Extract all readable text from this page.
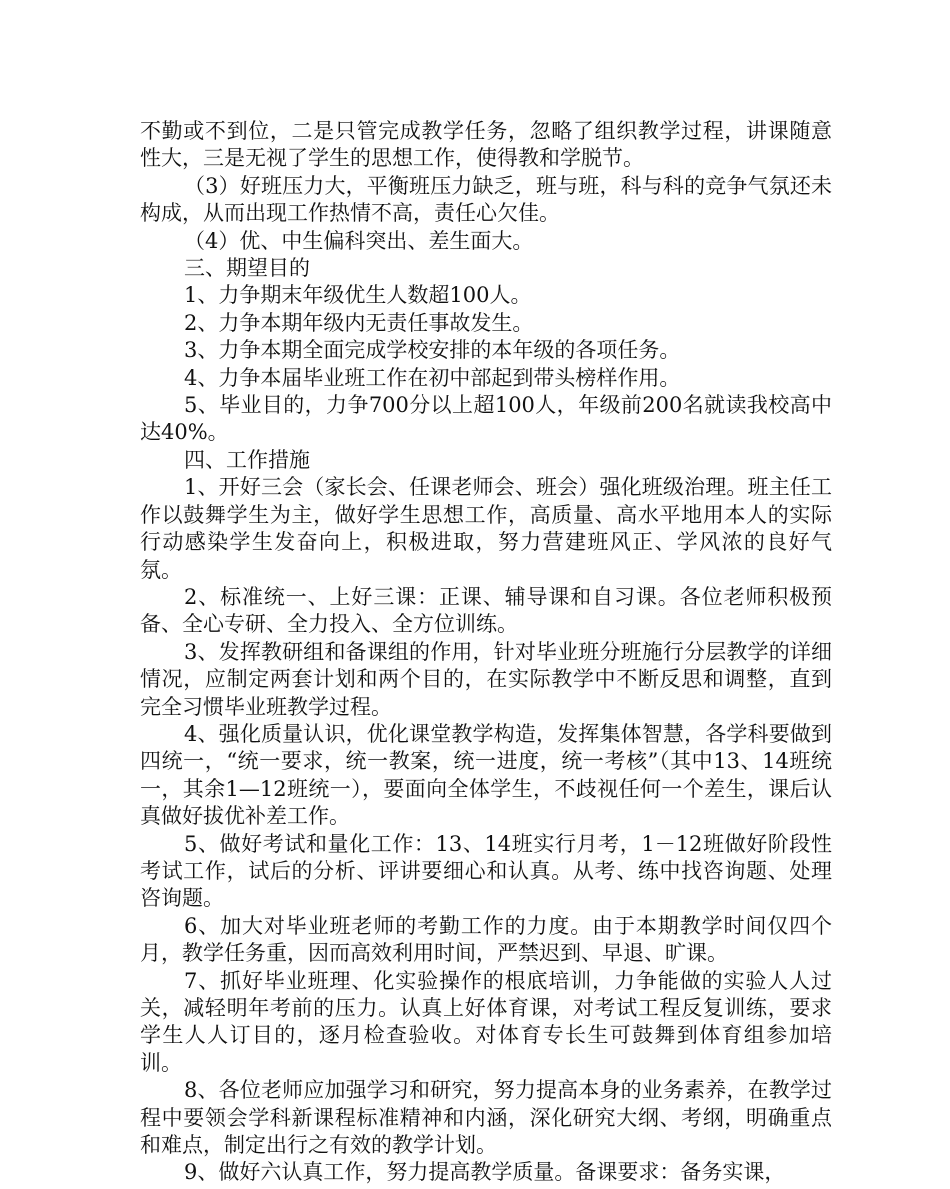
不勤或不到位，二是只管完成教学任务，忽略了组织教学过程，讲课随意性大，三是无视了学生的思想工作，使得教和学脱节。

（3）好班压力大，平衡班压力缺乏，班与班，科与科的竞争气氛还未构成，从而出现工作热情不高，责任心欠佳。

（4）优、中生偏科突出、差生面大。

三、期望目的

1、力争期末年级优生人数超100人。

2、力争本期年级内无责任事故发生。

3、力争本期全面完成学校安排的本年级的各项任务。

4、力争本届毕业班工作在初中部起到带头榜样作用。

5、毕业目的，力争700分以上超100人，年级前200名就读我校高中达40%。

四、工作措施

1、开好三会（家长会、任课老师会、班会）强化班级治理。班主任工作以鼓舞学生为主，做好学生思想工作，高质量、高水平地用本人的实际行动感染学生发奋向上，积极进取，努力营建班风正、学风浓的良好气氛。

2、标准统一、上好三课：正课、辅导课和自习课。各位老师积极预备、全心专研、全力投入、全方位训练。

3、发挥教研组和备课组的作用，针对毕业班分班施行分层教学的详细情况，应制定两套计划和两个目的，在实际教学中不断反思和调整，直到完全习惯毕业班教学过程。

4、强化质量认识，优化课堂教学构造，发挥集体智慧，各学科要做到四统一，“统一要求，统一教案，统一进度，统一考核”（其中13、14班统一，其余1—12班统一），要面向全体学生，不歧视任何一个差生，课后认真做好拔优补差工作。

5、做好考试和量化工作：13、14班实行月考，1－12班做好阶段性考试工作，试后的分析、评讲要细心和认真。从考、练中找咨询题、处理咨询题。

6、加大对毕业班老师的考勤工作的力度。由于本期教学时间仅四个月，教学任务重，因而高效利用时间，严禁迟到、早退、旷课。

7、抓好毕业班理、化实验操作的根底培训，力争能做的实验人人过关，减轻明年考前的压力。认真上好体育课，对考试工程反复训练，要求学生人人订目的，逐月检查验收。对体育专长生可鼓舞到体育组参加培训。

8、各位老师应加强学习和研究，努力提高本身的业务素养，在教学过程中要领会学科新课程标准精神和内涵，深化研究大纲、考纲，明确重点和难点，制定出行之有效的教学计划。

9、做好六认真工作，努力提高教学质量。备课要求：备务实课，
